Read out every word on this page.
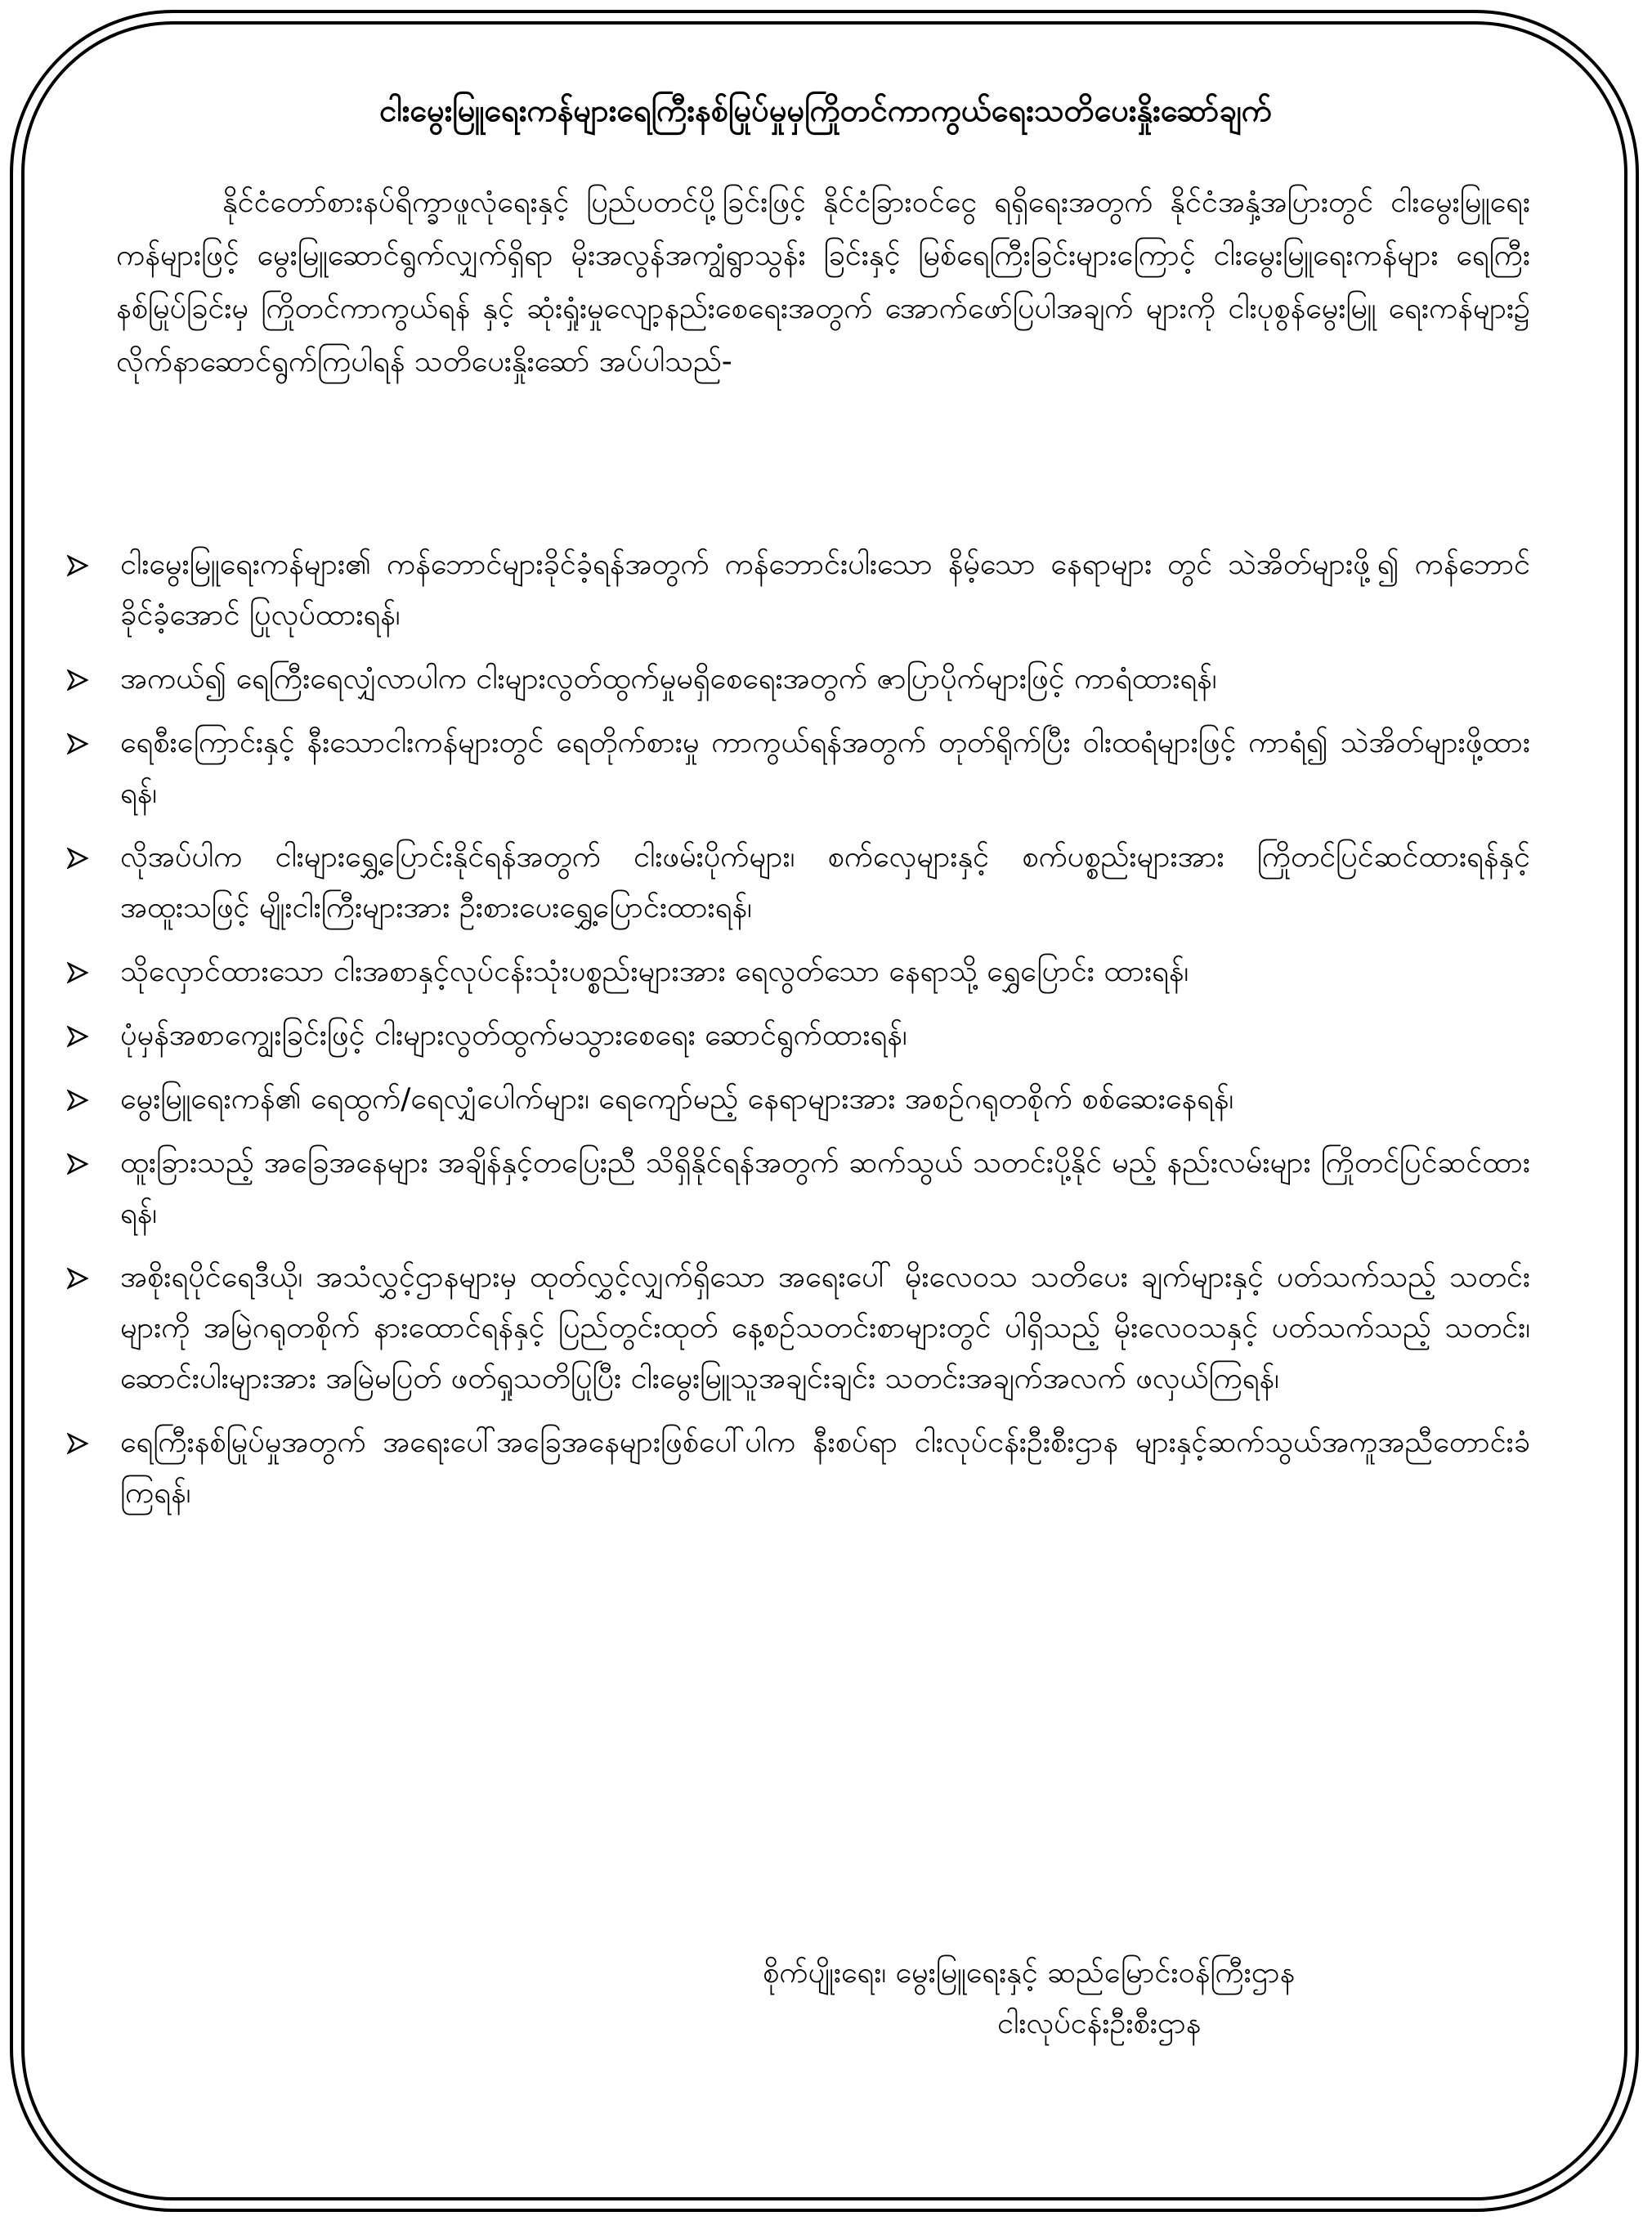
ငါးမွေးမြူရေးကန်များရေကြီးနစ်မြုပ်မှုမှကြိုတင်ကာကွယ်ရေးသတိပေးနှိုးဆော်ချက်
နိုင်ငံတော်စားနပ်ရိက္ခာဖူလုံရေးနှင့် ပြည်ပတင်ပို့ခြင်းဖြင့် နိုင်ငံခြားဝင်ငွေ ရရှိရေးအတွက် နိုင်ငံအနှံ့အပြားတွင် ငါးမွေးမြူရေးကန်များဖြင့် မွေးမြူဆောင်ရွက်လျှက်ရှိရာ မိုးအလွန်အကျွံရွာသွန်း ခြင်းနှင့် မြစ်ရေကြီးခြင်းများကြောင့် ငါးမွေးမြူရေးကန်များ ရေကြီးနစ်မြုပ်ခြင်းမှ ကြိုတင်ကာကွယ်ရန် နှင့် ဆုံးရှုံးမှုလျော့နည်းစေရေးအတွက် အောက်ဖော်ပြပါအချက် များကို ငါးပုစွန်မွေးမြူ ရေးကန်များ၌ လိုက်နာဆောင်ရွက်ကြပါရန် သတိပေးနှိုးဆော် အပ်ပါသည်-
ငါးမွေးမြူရေးကန်များ၏ ကန်ဘောင်များခိုင်ခံ့ရန်အတွက် ကန်ဘောင်းပါးသော နိမ့်သော နေရာများ တွင် သဲအိတ်များဖို့၍ ကန်ဘောင်ခိုင်ခံ့အောင် ပြုလုပ်ထားရန်၊
အကယ်၍ ရေကြီးရေလျှံလာပါက ငါးများလွတ်ထွက်မှုမရှိစေရေးအတွက် ဇာပြာပိုက်များဖြင့် ကာရံထားရန်၊
ရေစီးကြောင်းနှင့် နီးသောငါးကန်များတွင် ရေတိုက်စားမှု ကာကွယ်ရန်အတွက် တုတ်ရိုက်ပြီး ဝါးထရံများဖြင့် ကာရံ၍ သဲအိတ်များဖို့ထားရန်၊
လိုအပ်ပါက ငါးများရွှေ့ပြောင်းနိုင်ရန်အတွက် ငါးဖမ်းပိုက်များ၊ စက်လှေများနှင့် စက်ပစ္စည်းများအား ကြိုတင်ပြင်ဆင်ထားရန်နှင့် အထူးသဖြင့် မျိုးငါးကြီးများအား ဦးစားပေးရွှေ့ပြောင်းထားရန်၊
သိုလှောင်ထားသော ငါးအစာနှင့်လုပ်ငန်းသုံးပစ္စည်းများအား ရေလွတ်သော နေရာသို့ ရွှေပြောင်း ထားရန်၊
ပုံမှန်အစာကျွေးခြင်းဖြင့် ငါးများလွတ်ထွက်မသွားစေရေး ဆောင်ရွက်ထားရန်၊
မွေးမြူရေးကန်၏ ရေထွက်/ရေလျှံပေါက်များ၊ ရေကျော်မည့် နေရာများအား အစဉ်ဂရုတစိုက် စစ်ဆေးနေရန်၊
ထူးခြားသည့် အခြေအနေများ အချိန်နှင့်တပြေးညီ သိရှိနိုင်ရန်အတွက် ဆက်သွယ် သတင်းပို့နိုင် မည့် နည်းလမ်းများ ကြိုတင်ပြင်ဆင်ထားရန်၊
အစိုးရပိုင်ရေဒီယို၊ အသံလွှင့်ဌာနများမှ ထုတ်လွှင့်လျှက်ရှိသော အရေးပေါ် မိုးလေဝသ သတိပေး ချက်များနှင့် ပတ်သက်သည့် သတင်းများကို အမြဲဂရုတစိုက် နားထောင်ရန်နှင့် ပြည်တွင်းထုတ် နေ့စဉ်သတင်းစာများတွင် ပါရှိသည့် မိုးလေဝသနှင့် ပတ်သက်သည့် သတင်း၊ ဆောင်းပါးများအား အမြဲမပြတ် ဖတ်ရှုသတိပြုပြီး ငါးမွေးမြူသူအချင်းချင်း သတင်းအချက်အလက် ဖလှယ်ကြရန်၊
ရေကြီးနစ်မြုပ်မှုအတွက် အရေးပေါ်အခြေအနေများဖြစ်ပေါ်ပါက နီးစပ်ရာ ငါးလုပ်ငန်းဦးစီးဌာန များနှင့်ဆက်သွယ်အကူအညီတောင်းခံကြရန်၊
စိုက်ပျိုးရေး၊ မွေးမြူရေးနှင့် ဆည်မြောင်းဝန်ကြီးဌာန
ငါးလုပ်ငန်းဦးစီးဌာန
